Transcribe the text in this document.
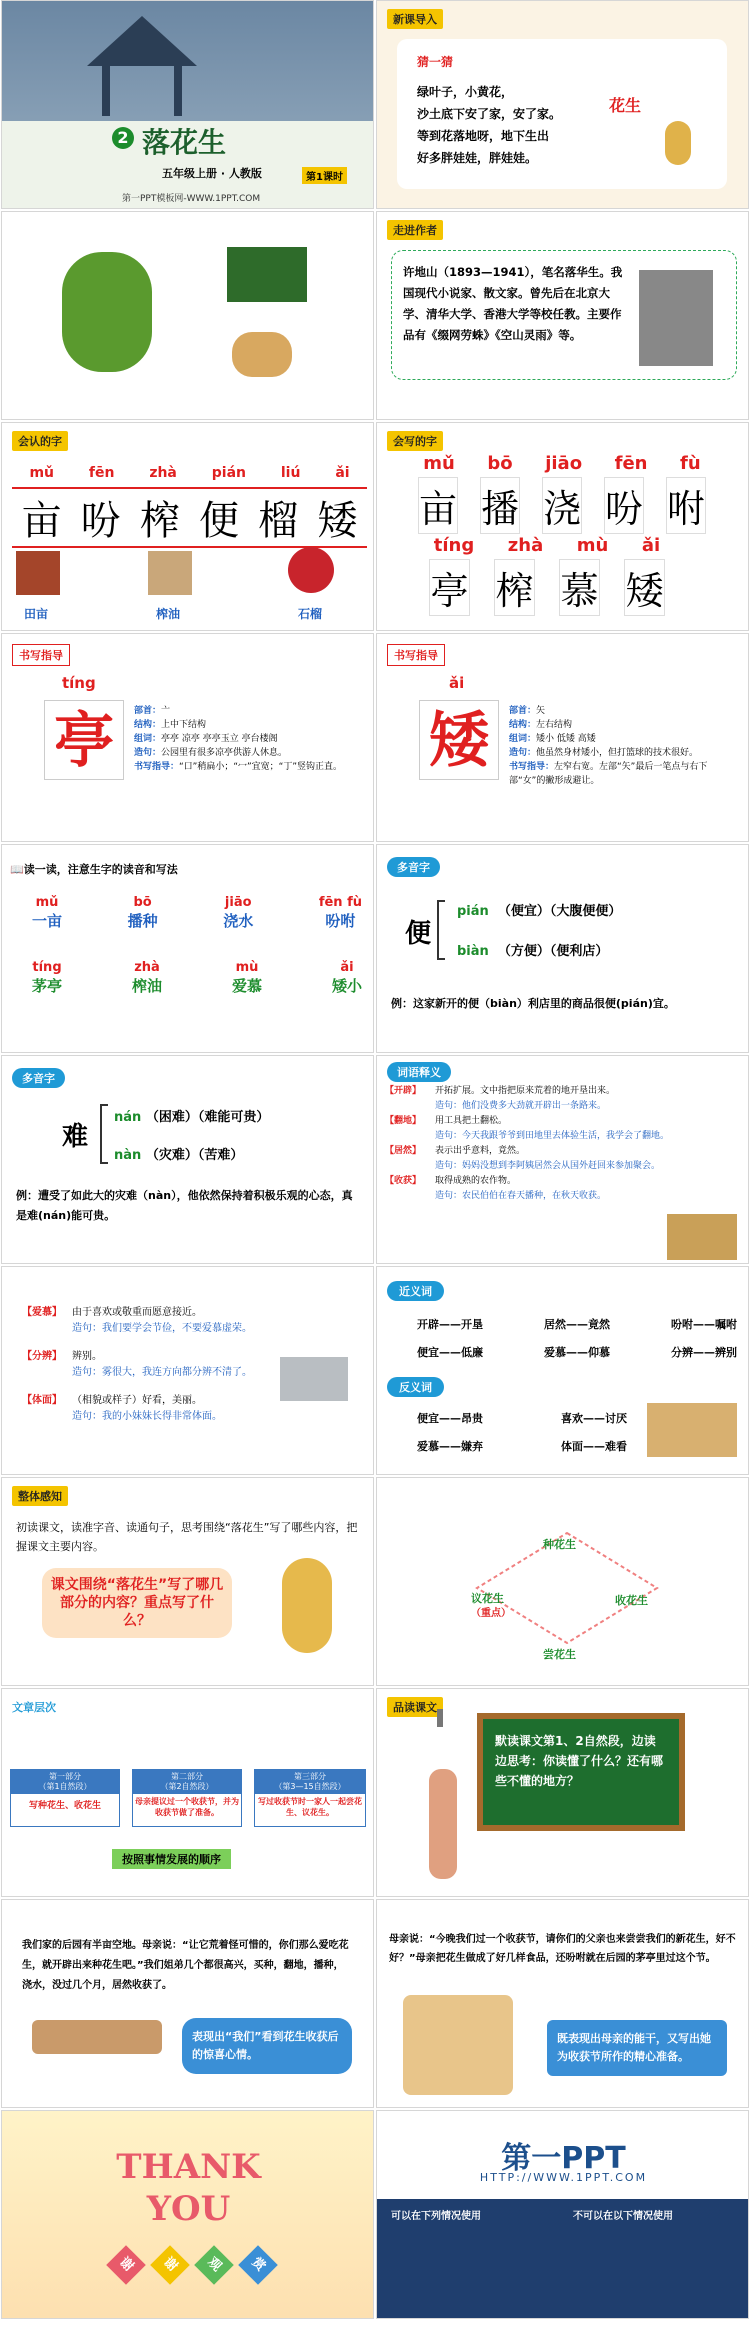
2 落花生
五年级上册 · 人教版	第1课时
第一PPT模板网-WWW.1PPT.COM
新课导入
猜一猜
绿叶子，小黄花，
沙土底下安了家，安了家。
等到花落地呀，地下生出
好多胖娃娃，胖娃娃。
花生
走进作者
许地山（1893—1941），笔名落华生。我国现代小说家、散文家。曾先后在北京大学、清华大学、香港大学等校任教。主要作品有《缀网劳蛛》《空山灵雨》等。
会认的字
mǔ fēn zhà pián liú ǎi
亩 吩 榨 便 榴 矮
田亩	榨油	石榴
会写的字
mǔ bō jiāo fēn fù
亩 播 浇 吩 咐
tíng zhà mù ǎi
亭 榨 慕 矮
书写指导
tíng
亭	部首：亠
结构：上中下结构
组词：亭亭 凉亭 亭亭玉立 亭台楼阁
造句：公园里有很多凉亭供游人休息。
书写指导：“口”稍扁小；“冖”宜宽；“丁”竖钩正直。
书写指导
ǎi
矮	部首：矢
结构：左右结构
组词：矮小 低矮 高矮
造句：他虽然身材矮小，但打篮球的技术很好。
书写指导：左窄右宽。左部“矢”最后一笔点与右下部“女”的撇形成避让。
📖读一读，注意生字的读音和写法
mǔ
一亩
bō
播种
jiāo
浇水
fēn fù
吩咐
tíng
茅亭
zhà
榨油
mù
爱慕
ǎi
矮小
多音字
便
pián （便宜）（大腹便便）
biàn （方便）（便利店）
例：这家新开的便（biàn）利店里的商品很便(pián)宜。
多音字
难
nán （困难）（难能可贵）
nàn （灾难）（苦难）
例：遭受了如此大的灾难（nàn），他依然保持着积极乐观的心态，真是难(nán)能可贵。
词语释义
【开辟】	开拓扩展。文中指把原来荒着的地开垦出来。
造句：他们没费多大劲就开辟出一条路来。
【翻地】	用工具把土翻松。
造句：今天我跟爷爷到田地里去体验生活，我学会了翻地。
【居然】	表示出乎意料，竟然。
造句：妈妈没想到李阿姨居然会从国外赶回来参加聚会。
【收获】	取得成熟的农作物。
造句：农民伯伯在春天播种，在秋天收获。
【爱慕】	由于喜欢或敬重而愿意接近。
造句：我们要学会节俭，不要爱慕虚荣。
【分辨】	辨别。
造句：雾很大，我连方向都分辨不清了。
【体面】	（相貌或样子）好看，美丽。
造句：我的小妹妹长得非常体面。
近义词
开辟——开垦	居然——竟然	吩咐——嘱咐
便宜——低廉	爱慕——仰慕	分辨——辨别
反义词
便宜——昂贵	喜欢——讨厌
爱慕——嫌弃	体面——难看
整体感知
初读课文，读准字音、读通句子，思考围绕“落花生”写了哪些内容，把握课文主要内容。
课文围绕“落花生”写了哪几部分的内容？重点写了什么？
种花生
收花生
尝花生
议花生
（重点）
文章层次
第一部分
（第1自然段）
写种花生、收花生
第二部分
（第2自然段）
母亲提议过一个收获节，并为收获节做了准备。
第三部分
（第3—15自然段）
写过收获节时一家人一起尝花生、议花生。
按照事情发展的顺序
品读课文
默读课文第1、2自然段，边读边思考：你读懂了什么？还有哪些不懂的地方？
我们家的后园有半亩空地。母亲说：“让它荒着怪可惜的，你们那么爱吃花生，就开辟出来种花生吧。”我们姐弟几个都很高兴，买种，翻地，播种，浇水，没过几个月，居然收获了。
表现出“我们”看到花生收获后的惊喜心情。
母亲说：“今晚我们过一个收获节，请你们的父亲也来尝尝我们的新花生，好不好？”母亲把花生做成了好几样食品，还吩咐就在后园的茅亭里过这个节。
既表现出母亲的能干，又写出她为收获节所作的精心准备。
THANK
YOU
谢	谢	观	赏
第一PPT
HTTP://WWW.1PPT.COM
可以在下列情况使用	不可以在以下情况使用
